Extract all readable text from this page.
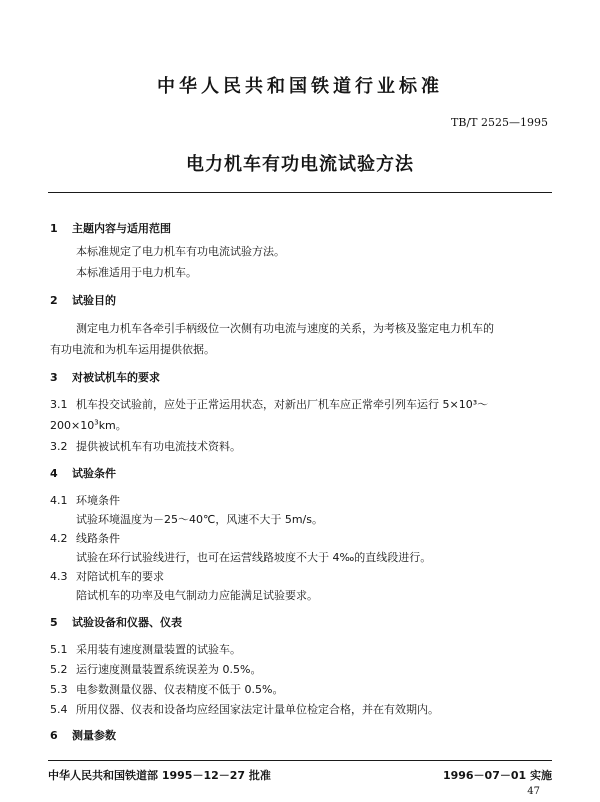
中华人民共和国铁道行业标准
TB/T 2525—1995
电力机车有功电流试验方法
1 主题内容与适用范围
本标准规定了电力机车有功电流试验方法。
本标准适用于电力机车。
2 试验目的
测定电力机车各牵引手柄级位一次侧有功电流与速度的关系，为考核及鉴定电力机车的
有功电流和为机车运用提供依据。
3 对被试机车的要求
3.1 机车投交试验前，应处于正常运用状态，对新出厂机车应正常牵引列车运行 5×10³～
$200\times 10^3km$。
3.2 提供被试机车有功电流技术资料。
4 试验条件
4.1 环境条件
试验环境温度为－25～40℃，风速不大于 5m/s。
4.2 线路条件
试验在环行试验线进行，也可在运营线路坡度不大于 4‰的直线段进行。
4.3 对陪试机车的要求
陪试机车的功率及电气制动力应能满足试验要求。
5 试验设备和仪器、仪表
5.1 采用装有速度测量装置的试验车。
5.2 运行速度测量装置系统误差为 0.5%。
5.3 电参数测量仪器、仪表精度不低于 0.5%。
5.4 所用仪器、仪表和设备均应经国家法定计量单位检定合格，并在有效期内。
6 测量参数
中华人民共和国铁道部 1995－12－27 批准	1996－07－01 实施
47
